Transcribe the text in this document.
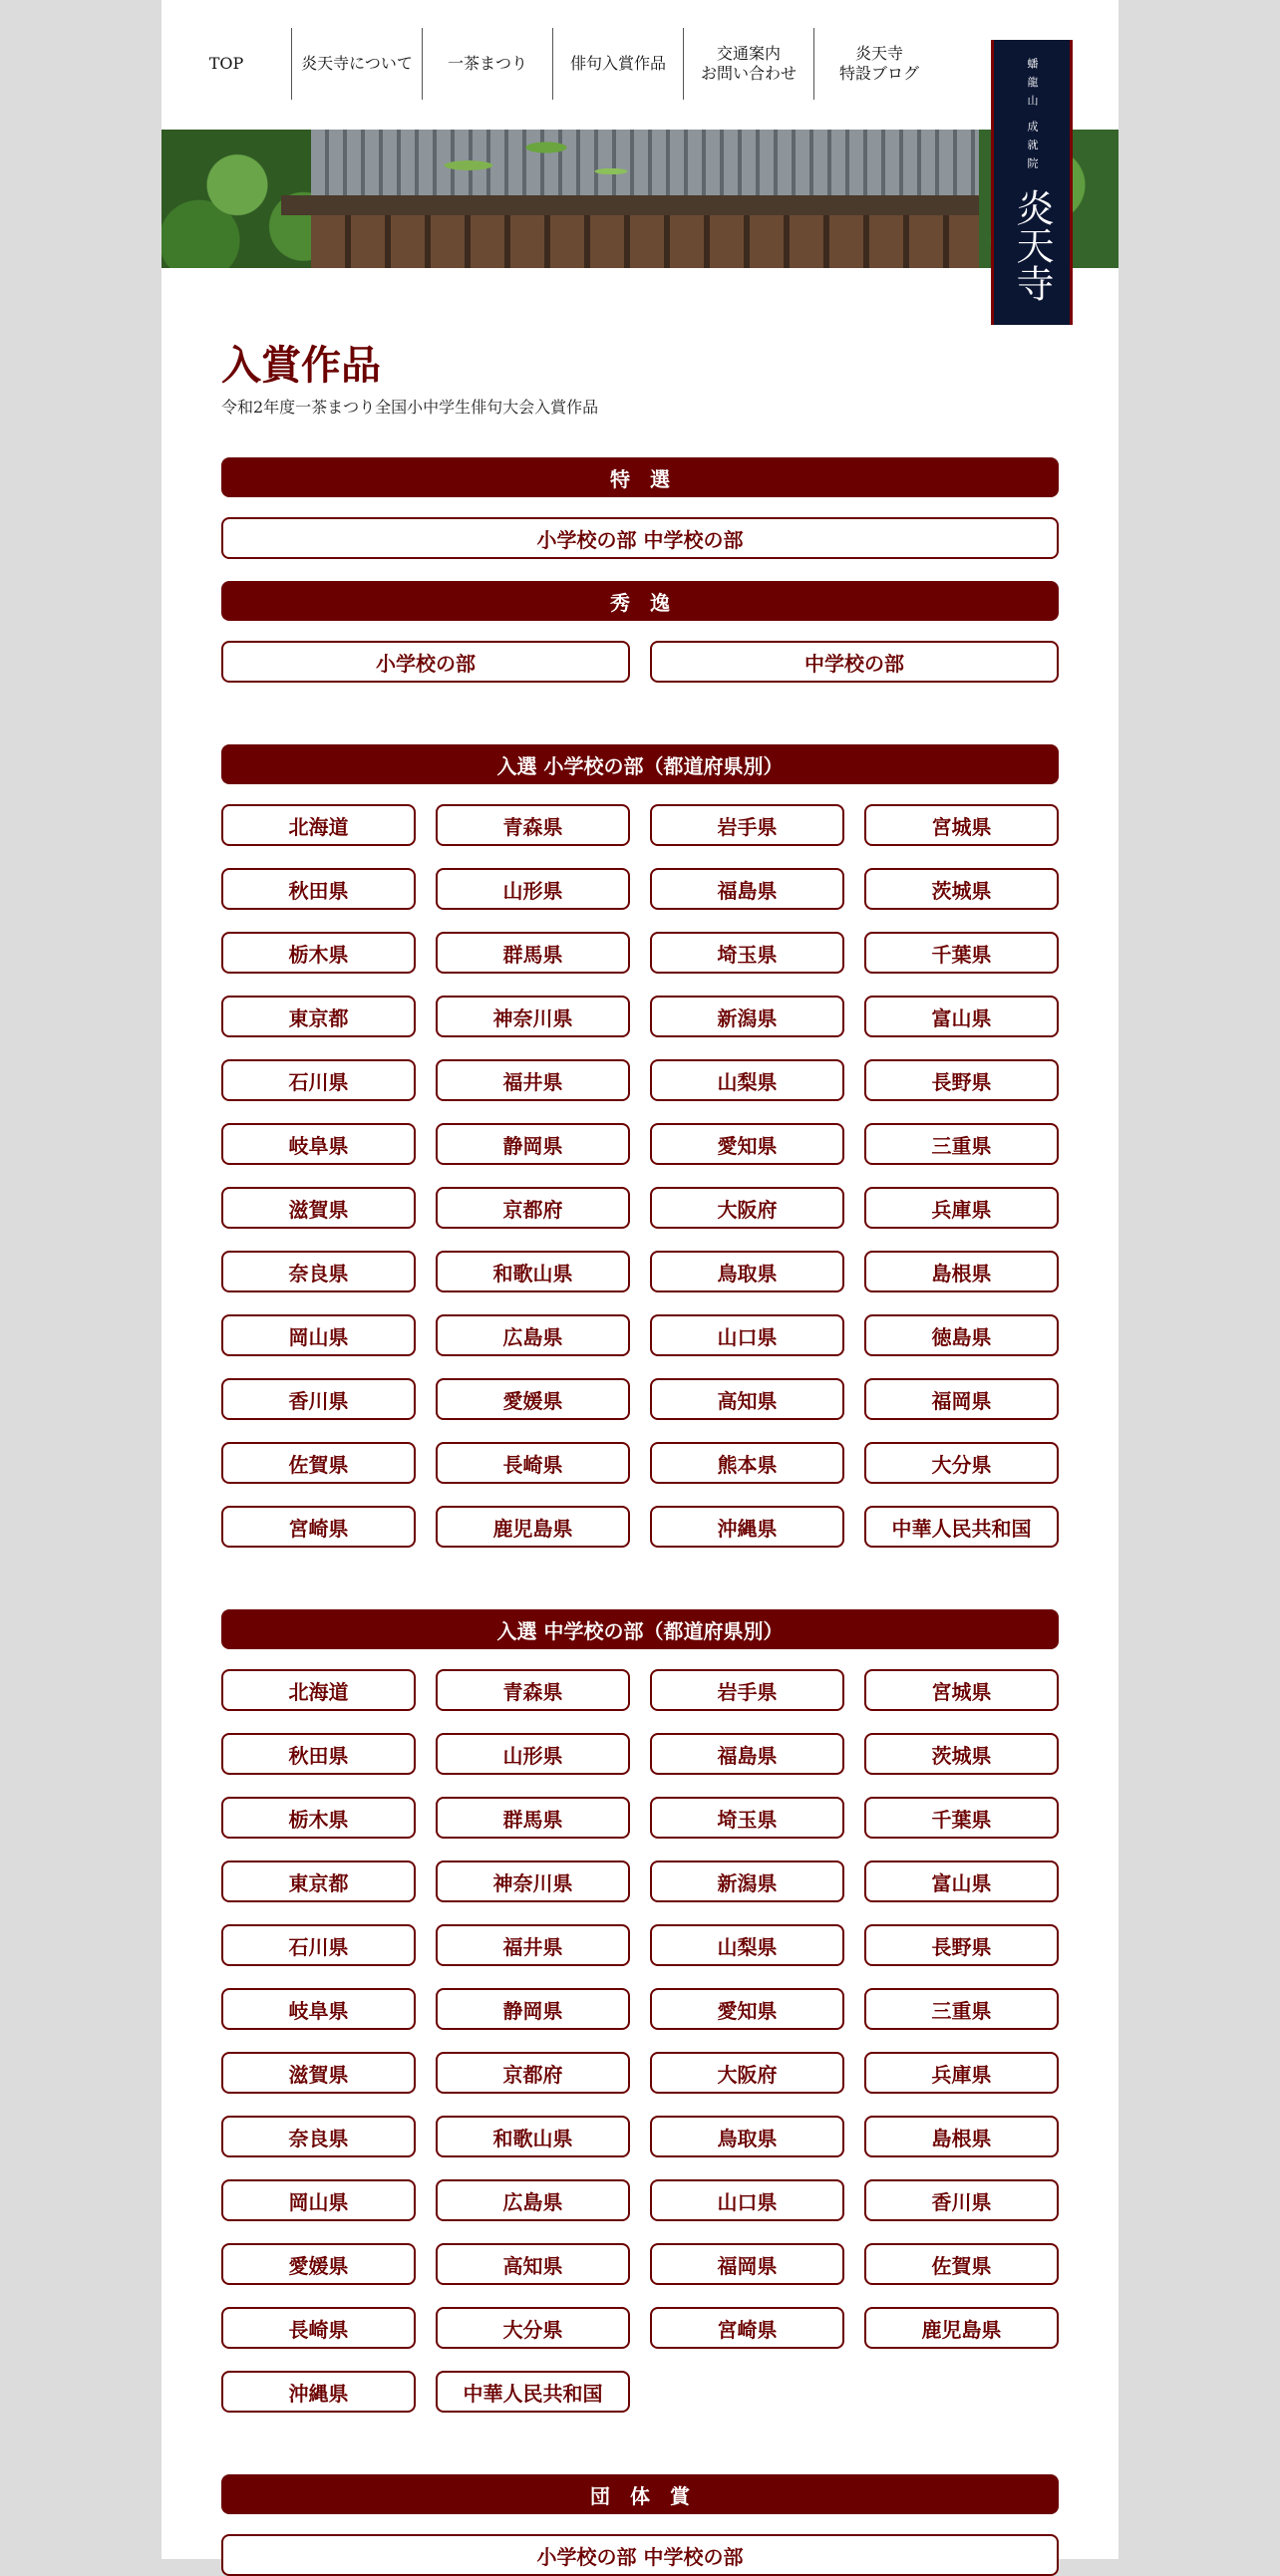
TOP	炎天寺について	一茶まつり	俳句入賞作品
交通案内
お問い合わせ
炎天寺
特設ブログ	蟠 龍 山　成 就 院
炎天寺
入賞作品

令和2年度一茶まつり全国小中学生俳句大会入賞作品

特　選
小学校の部 中学校の部
秀　逸
小学校の部	中学校の部
入選 小学校の部（都道府県別）
入選 中学校の部（都道府県別）
団　体　賞
小学校の部 中学校の部
北海道	青森県	岩手県	宮城県
秋田県	山形県	福島県	茨城県
栃木県	群馬県	埼玉県	千葉県
東京都	神奈川県	新潟県	富山県
石川県	福井県	山梨県	長野県
岐阜県	静岡県	愛知県	三重県
滋賀県	京都府	大阪府	兵庫県
奈良県	和歌山県	鳥取県	島根県
岡山県	広島県	山口県	徳島県
香川県	愛媛県	高知県	福岡県
佐賀県	長崎県	熊本県	大分県
宮崎県	鹿児島県	沖縄県	中華人民共和国
北海道	青森県	岩手県	宮城県
秋田県	山形県	福島県	茨城県
栃木県	群馬県	埼玉県	千葉県
東京都	神奈川県	新潟県	富山県
石川県	福井県	山梨県	長野県
岐阜県	静岡県	愛知県	三重県
滋賀県	京都府	大阪府	兵庫県
奈良県	和歌山県	鳥取県	島根県
岡山県	広島県	山口県	香川県
愛媛県	高知県	福岡県	佐賀県
長崎県	大分県	宮崎県	鹿児島県
沖縄県	中華人民共和国
